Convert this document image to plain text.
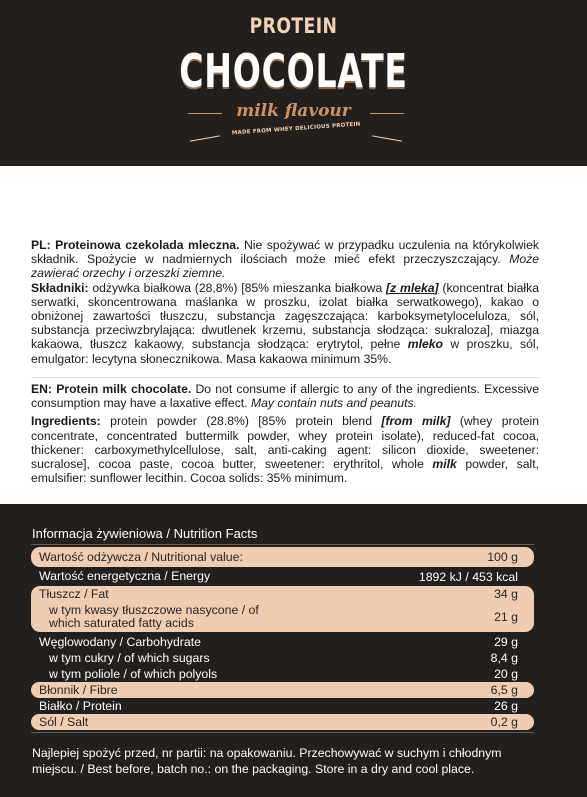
PROTEIN
CHOCOLATE
milk flavour
MADE FROM WHEY DELICIOUS PROTEIN

PL: Proteinowa czekolada mleczna. Nie spożywać w przypadku uczulenia na którykolwiek składnik. Spożycie w nadmiernych ilościach może mieć efekt przeczyszczający. Może zawierać orzechy i orzeszki ziemne.

Składniki: odżywka białkowa (28,8%) [85% mieszanka białkowa [z mleka] (koncentrat białka serwatki, skoncentrowana maślanka w proszku, izolat białka serwatkowego), kakao o obniżonej zawartości tłuszczu, substancja zagęszczająca: karboksymetyloceluloza, sól, substancja przeciwzbrylająca: dwutlenek krzemu, substancja słodząca: sukraloza], miazga kakaowa, tłuszcz kakaowy, substancja słodząca: erytrytol, pełne mleko w proszku, sól, emulgator: lecytyna słonecznikowa. Masa kakaowa minimum 35%.

EN: Protein milk chocolate. Do not consume if allergic to any of the ingredients. Excessive consumption may have a laxative effect. May contain nuts and peanuts.

Ingredients: protein powder (28.8%) [85% protein blend [from milk] (whey protein concentrate, concentrated buttermilk powder, whey protein isolate), reduced-fat cocoa, thickener: carboxymethylcellulose, salt, anti-caking agent: silicon dioxide, sweetener: sucralose], cocoa paste, cocoa butter, sweetener: erythritol, whole milk powder, salt, emulsifier: sunflower lecithin. Cocoa solids: 35% minimum.

Informacja żywieniowa / Nutrition Facts
Wartość odżywcza / Nutritional value:	100 g
Wartość energetyczna / Energy	1892 kJ / 453 kcal
Tłuszcz / Fat	34 g
w tym kwasy tłuszczowe nasycone / of which saturated fatty acids	21 g
Węglowodany / Carbohydrate	29 g
w tym cukry / of which sugars	8,4 g
w tym poliole / of which polyols	20 g
Błonnik / Fibre	6,5 g
Białko / Protein	26 g
Sól / Salt	0,2 g
Najlepiej spożyć przed, nr partii: na opakowaniu. Przechowywać w suchym i chłodnym miejscu. / Best before, batch no.: on the packaging. Store in a dry and cool place.
